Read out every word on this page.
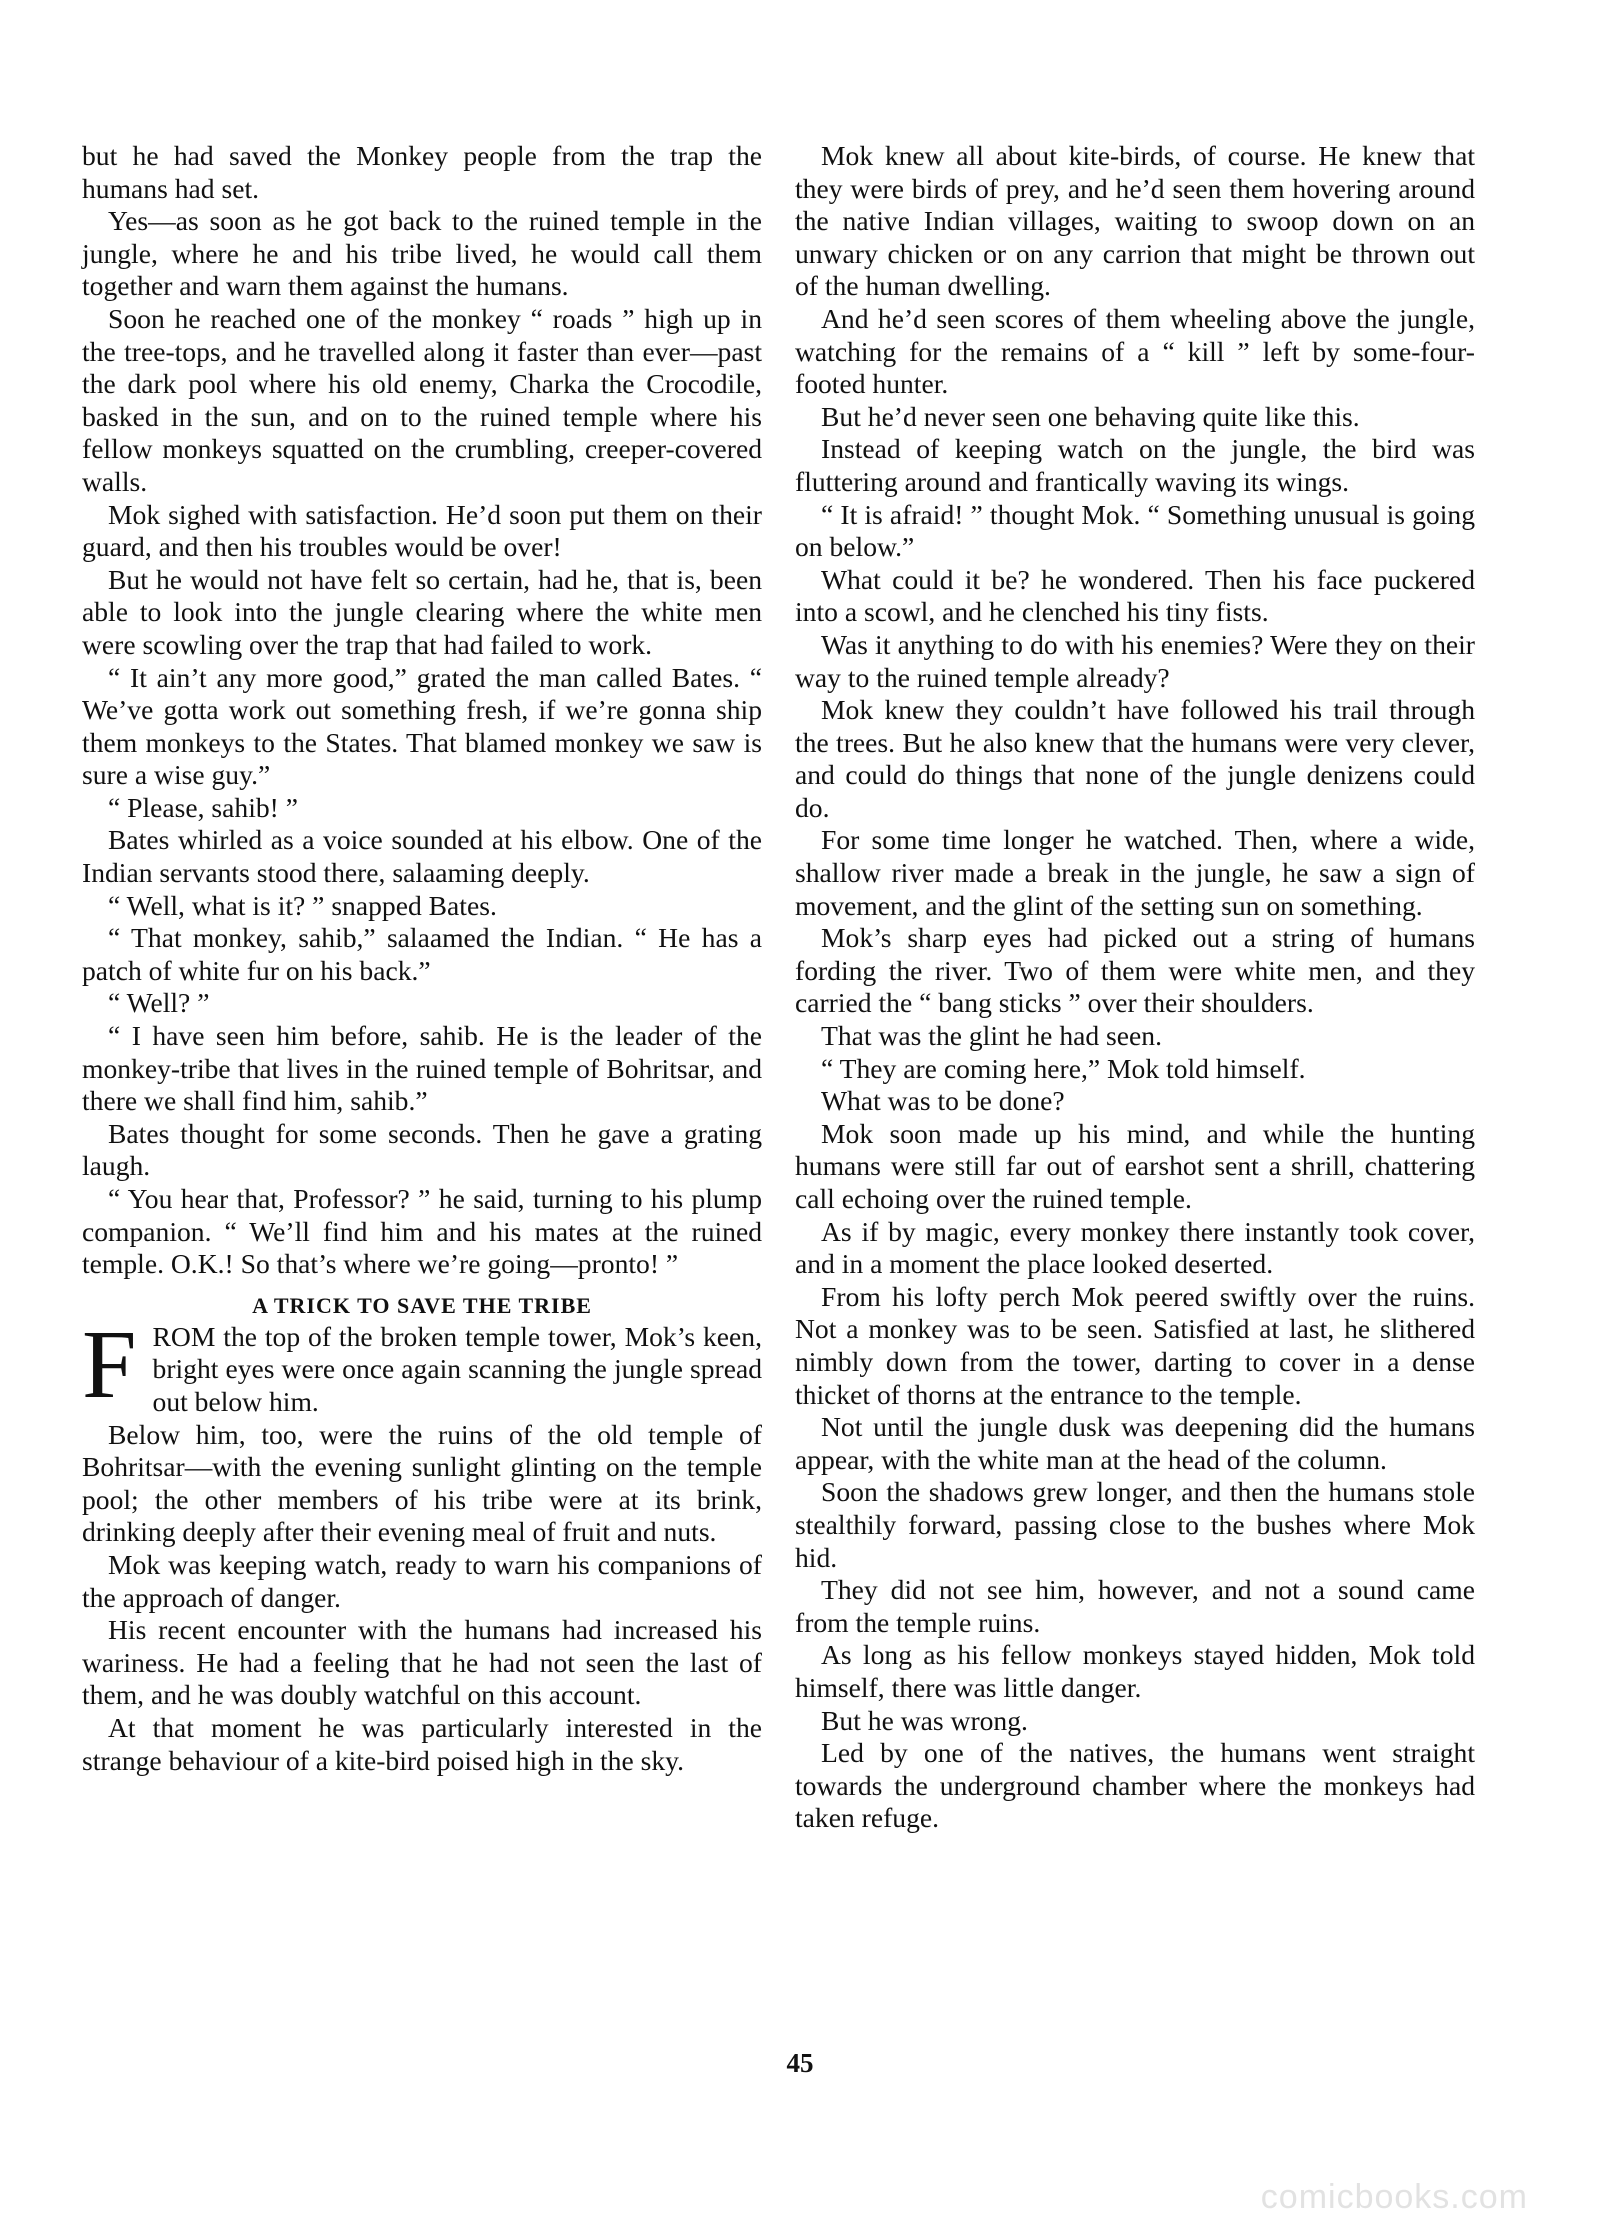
but he had saved the Monkey people from the trap the humans had set.

Yes—as soon as he got back to the ruined temple in the jungle, where he and his tribe lived, he would call them together and warn them against the humans.

Soon he reached one of the monkey “ roads ” high up in the tree-tops, and he travelled along it faster than ever—past the dark pool where his old enemy, Charka the Crocodile, basked in the sun, and on to the ruined temple where his fellow monkeys squatted on the crumbling, creeper-covered walls.

Mok sighed with satisfaction. He’d soon put them on their guard, and then his troubles would be over!

But he would not have felt so certain, had he, that is, been able to look into the jungle clearing where the white men were scowling over the trap that had failed to work.

“ It ain’t any more good,” grated the man called Bates. “ We’ve gotta work out something fresh, if we’re gonna ship them monkeys to the States. That blamed monkey we saw is sure a wise guy.”

“ Please, sahib! ”

Bates whirled as a voice sounded at his elbow. One of the Indian servants stood there, salaaming deeply.

“ Well, what is it? ” snapped Bates.

“ That monkey, sahib,” salaamed the Indian. “ He has a patch of white fur on his back.”

“ Well? ”

“ I have seen him before, sahib. He is the leader of the monkey-tribe that lives in the ruined temple of Bohritsar, and there we shall find him, sahib.”

Bates thought for some seconds. Then he gave a grating laugh.

“ You hear that, Professor? ” he said, turning to his plump companion. “ We’ll find him and his mates at the ruined temple. O.K.! So that’s where we’re going—pronto! ”

A TRICK TO SAVE THE TRIBE

FROM the top of the broken temple tower, Mok’s keen, bright eyes were once again scanning the jungle spread out below him.

Below him, too, were the ruins of the old temple of Bohritsar—with the evening sunlight glinting on the temple pool; the other members of his tribe were at its brink, drinking deeply after their evening meal of fruit and nuts.

Mok was keeping watch, ready to warn his companions of the approach of danger.

His recent encounter with the humans had increased his wariness. He had a feeling that he had not seen the last of them, and he was doubly watchful on this account.

At that moment he was particularly interested in the strange behaviour of a kite-bird poised high in the sky.

Mok knew all about kite-birds, of course. He knew that they were birds of prey, and he’d seen them hovering around the native Indian villages, waiting to swoop down on an unwary chicken or on any carrion that might be thrown out of the human dwelling.

And he’d seen scores of them wheeling above the jungle, watching for the remains of a “ kill ” left by some-four-footed hunter.

But he’d never seen one behaving quite like this.

Instead of keeping watch on the jungle, the bird was fluttering around and frantically waving its wings.

“ It is afraid! ” thought Mok. “ Something unusual is going on below.”

What could it be? he wondered. Then his face puckered into a scowl, and he clenched his tiny fists.

Was it anything to do with his enemies? Were they on their way to the ruined temple already?

Mok knew they couldn’t have followed his trail through the trees. But he also knew that the humans were very clever, and could do things that none of the jungle denizens could do.

For some time longer he watched. Then, where a wide, shallow river made a break in the jungle, he saw a sign of movement, and the glint of the setting sun on something.

Mok’s sharp eyes had picked out a string of humans fording the river. Two of them were white men, and they carried the “ bang sticks ” over their shoulders.

That was the glint he had seen.

“ They are coming here,” Mok told himself.

What was to be done?

Mok soon made up his mind, and while the hunting humans were still far out of earshot sent a shrill, chattering call echoing over the ruined temple.

As if by magic, every monkey there instantly took cover, and in a moment the place looked deserted.

From his lofty perch Mok peered swiftly over the ruins. Not a monkey was to be seen. Satisfied at last, he slithered nimbly down from the tower, darting to cover in a dense thicket of thorns at the entrance to the temple.

Not until the jungle dusk was deepening did the humans appear, with the white man at the head of the column.

Soon the shadows grew longer, and then the humans stole stealthily forward, passing close to the bushes where Mok hid.

They did not see him, however, and not a sound came from the temple ruins.

As long as his fellow monkeys stayed hidden, Mok told himself, there was little danger.

But he was wrong.

Led by one of the natives, the humans went straight towards the underground chamber where the monkeys had taken refuge.

45
comicbooks.com
